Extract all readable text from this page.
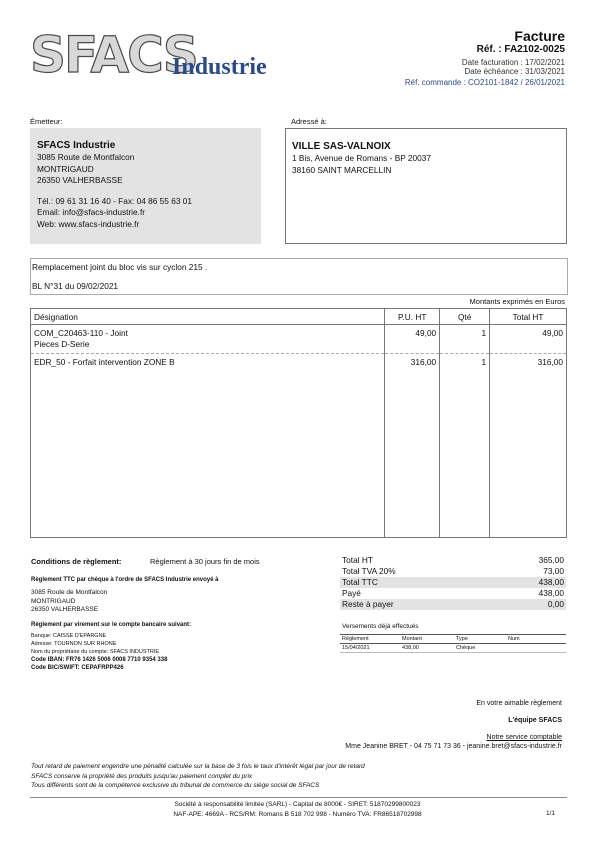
SFACS
Industrie
Facture
Réf. : FA2102-0025
Date facturation : 17/02/2021
Date échéance : 31/03/2021
Réf. commande : CO2101-1842 / 26/01/2021
Émetteur:
SFACS Industrie
3085 Route de Montfalcon
MONTRIGAUD
26350 VALHERBASSE
Tél.: 09 61 31 16 40 - Fax: 04 86 55 63 01
Email: info@sfacs-industrie.fr
Web: www.sfacs-industrie.fr
Adressé à:
VILLE SAS-VALNOIX
1 Bis, Avenue de Romans - BP 20037
38160 SAINT MARCELLIN
Remplacement joint du bloc vis sur cyclon 215 .
BL N°31 du 09/02/2021
Montants exprimés en Euros
Désignation	P.U. HT	Qté	Total HT

COM_C20463-110 - Joint
Pieces D-Serie	49,00	1	49,00
EDR_50 - Forfait intervention ZONE B	316,00	1	316,00
Conditions de règlement:	Règlement à 30 jours fin de mois
Règlement TTC par chèque à l'ordre de SFACS Industrie envoyé à
3085 Route de Montfalcon
MONTRIGAUD
26350 VALHERBASSE
Règlement par virement sur le compte bancaire suivant:
Banque: CAISSE D'EPARGNE
Adresse: TOURNON SUR RHONE
Nom du propriétaire du compte: SFACS INDUSTRIE
Code IBAN: FR76 1426 5006 0008 7710 9354 338
Code BIC/SWIFT: CEPAFRPP426
Total HT	365,00
Total TVA 20%	73,00
Total TTC	438,00
Payé	438,00
Reste à payer	0,00
Versements déjà effectués
Règlement	Montant	Type	Num
15/04/2021	438,00	Chèque
En votre aimable règlement
L'équipe SFACS
Notre service comptable
Mme Jeanine BRET - 04 75 71 73 36 - jeanine.bret@sfacs-industrie.fr
Tout retard de paiement engendre une pénalité calculée sur la base de 3 fois le taux d'intérêt légal par jour de retard
SFACS conserve la propriété des produits jusqu'au paiement complet du prix
Tous différents sont de la compétence exclusive du tribunal de commerce du siège social de SFACS
Société à responsabilité limitée (SARL) - Capital de 8000€ - SIRET: 51870299800023
NAF-APE: 4669A - RCS/RM: Romans B 518 702 998 - Numéro TVA: FR86518702998	1/1
